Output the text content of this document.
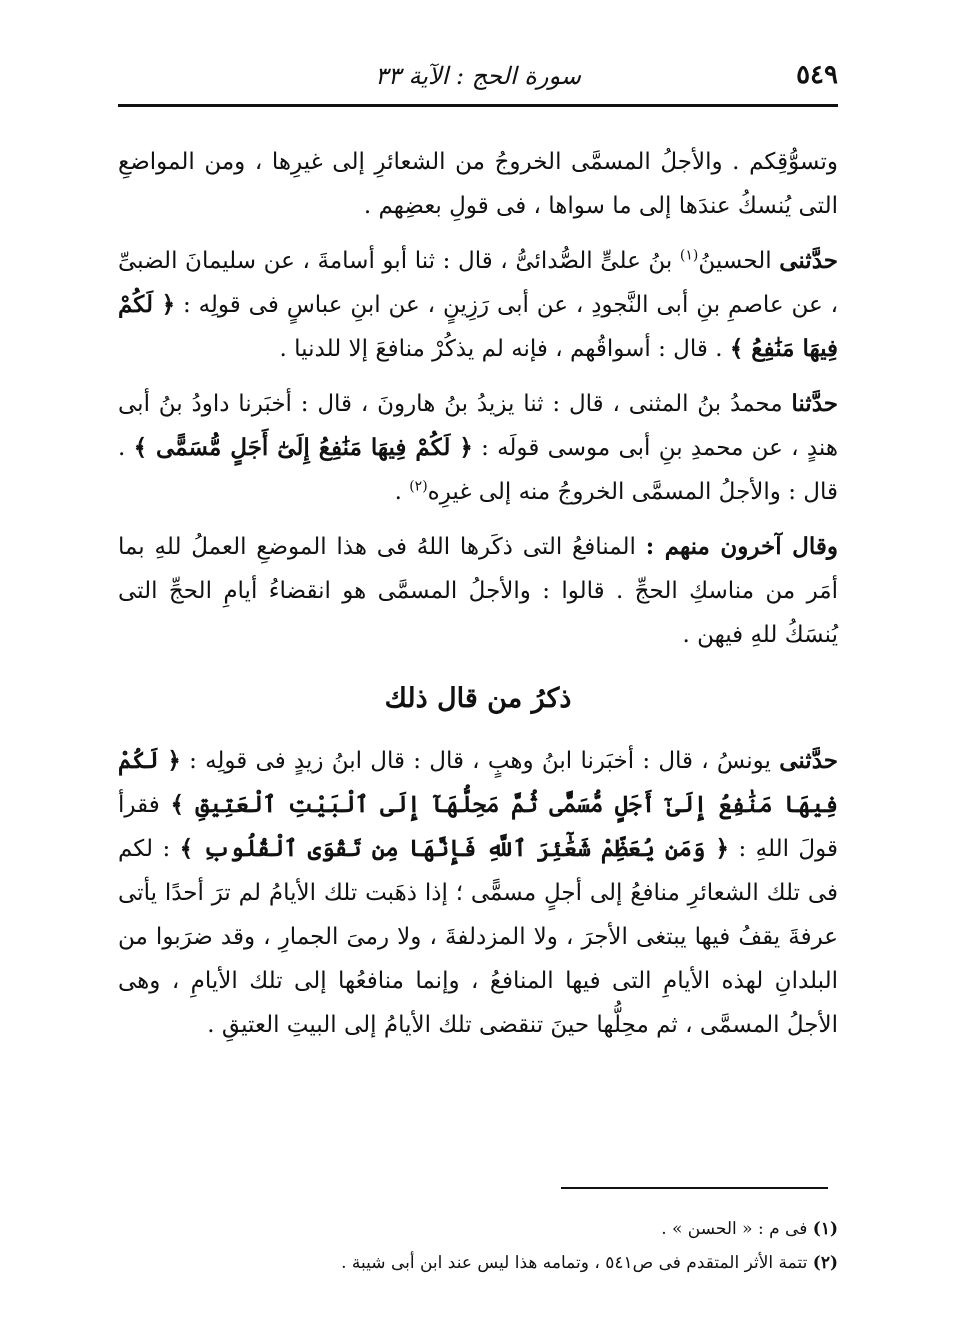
٥٤٩
سورة الحج : الآية ٣٣

وتسوُّقِكم . والأجلُ المسمَّى الخروجُ من الشعائرِ إلى غيرِها ، ومن المواضعِ التى يُنسكُ عندَها إلى ما سواها ، فى قولِ بعضِهم .

حدَّثنى الحسينُ$^{(١)}$ بنُ علىٍّ الصُّدائىُّ ، قال : ثنا أبو أسامةَ ، عن سليمانَ الضبىِّ ، عن عاصمِ بنِ أبى النَّجودِ ، عن أبى رَزِينٍ ، عن ابنِ عباسٍ فى قولِه : ﴿ لَكُمْ فِيهَا مَنَٰفِعُ ﴾ . قال : أسواقُهم ، فإنه لم يذكُرْ منافعَ إلا للدنيا .

حدَّثنا محمدُ بنُ المثنى ، قال : ثنا يزيدُ بنُ هارونَ ، قال : أخبَرنا داودُ بنُ أبى هندٍ ، عن محمدِ بنِ أبى موسى قولَه : ﴿ لَكُمْ فِيهَا مَنَٰفِعُ إِلَىٰٓ أَجَلٍ مُّسَمًّى ﴾ . قال : والأجلُ المسمَّى الخروجُ منه إلى غيرِه$^{(٢)}$ .

وقال آخرون منهم : المنافعُ التى ذكَرها اللهُ فى هذا الموضعِ العملُ للهِ بما أمَر من مناسكِ الحجِّ . قالوا : والأجلُ المسمَّى هو انقضاءُ أيامِ الحجِّ التى يُنسَكُ للهِ فيهن .

ذكرُ من قال ذلك

حدَّثنى يونسُ ، قال : أخبَرنا ابنُ وهبٍ ، قال : قال ابنُ زيدٍ فى قولِه : ﴿ لَكُمْ فِيهَا مَنَٰفِعُ إِلَىٰٓ أَجَلٍ مُّسَمًّى ثُمَّ مَحِلُّهَآ إِلَى ٱلْبَيْتِ ٱلْعَتِيقِ ﴾ فقرأ قولَ اللهِ : ﴿ وَمَن يُعَظِّمْ شَعَٰٓئِرَ ٱللَّهِ فَإِنَّهَا مِن تَقْوَى ٱلْقُلُوبِ ﴾ : لكم فى تلك الشعائرِ منافعُ إلى أجلٍ مسمًّى ؛ إذا ذهَبت تلك الأيامُ لم ترَ أحدًا يأتى عرفةَ يقفُ فيها يبتغى الأجرَ ، ولا المزدلفةَ ، ولا رمىَ الجمارِ ، وقد ضرَبوا من البلدانِ لهذه الأيامِ التى فيها المنافعُ ، وإنما منافعُها إلى تلك الأيامِ ، وهى الأجلُ المسمَّى ، ثم محِلُّها حينَ تنقضى تلك الأيامُ إلى البيتِ العتيقِ .

(١) فى م : « الحسن » .
(٢) تتمة الأثر المتقدم فى ص٥٤١ ، وتمامه هذا ليس عند ابن أبى شيبة .
